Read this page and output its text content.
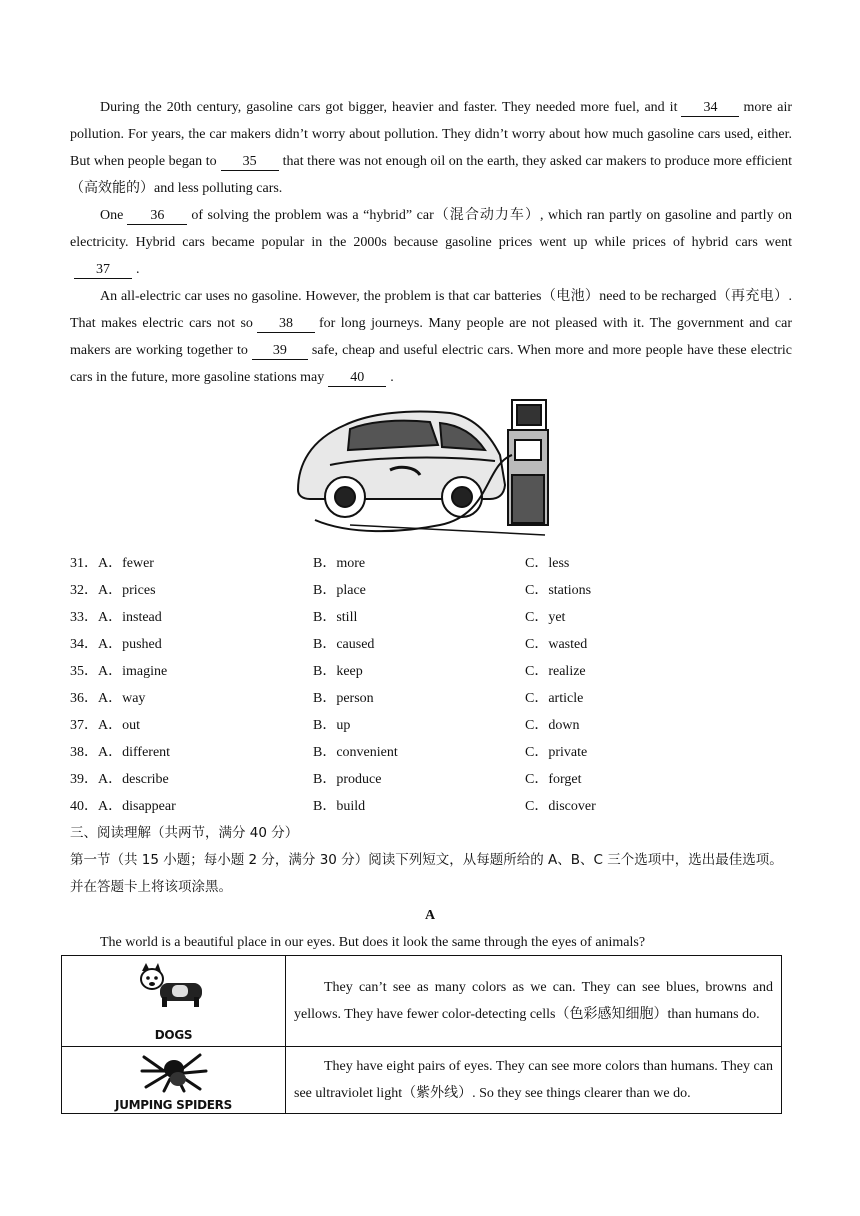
During the 20th century, gasoline cars got bigger, heavier and faster. They needed more fuel, and it 34 more air pollution. For years, the car makers didn’t worry about pollution. They didn’t worry about how much gasoline cars used, either. But when people began to 35 that there was not enough oil on the earth, they asked car makers to produce more efficient（高效能的）and less polluting cars.

One 36 of solving the problem was a “hybrid” car（混合动力车）, which ran partly on gasoline and partly on electricity. Hybrid cars became popular in the 2000s because gasoline prices went up while prices of hybrid cars went37 .

An all-electric car uses no gasoline. However, the problem is that car batteries（电池）need to be recharged（再充电）. That makes electric cars not so 38 for long journeys. Many people are not pleased with it. The government and car makers are working together to 39 safe, cheap and useful electric cars. When more and more people have these electric cars in the future, more gasoline stations may 40 .

31．A．fewer	B．more	C．less
32．A．prices	B．place	C．stations
33．A．instead	B．still	C．yet
34．A．pushed	B．caused	C．wasted
35．A．imagine	B．keep	C．realize
36．A．way	B．person	C．article
37．A．out	B．up	C．down
38．A．different	B．convenient	C．private
39．A．describe	B．produce	C．forget
40．A．disappear	B．build	C．discover

三、阅读理解（共两节，满分 40 分）

第一节（共 15 小题；每小题 2 分，满分 30 分）阅读下列短文，从每题所给的 A、B、C 三个选项中，选出最佳选项。并在答题卡上将该项涂黑。

A

The world is a beautiful place in our eyes. But does it look the same through the eyes of animals?

DOGS	They can’t see as many colors as we can. They can see blues, browns and yellows. They have fewer color-detecting cells（色彩感知细胞）than humans do.

JUMPING SPIDERS	They have eight pairs of eyes. They can see more colors than humans. They can see ultraviolet light（紫外线）. So they see things clearer than we do.
